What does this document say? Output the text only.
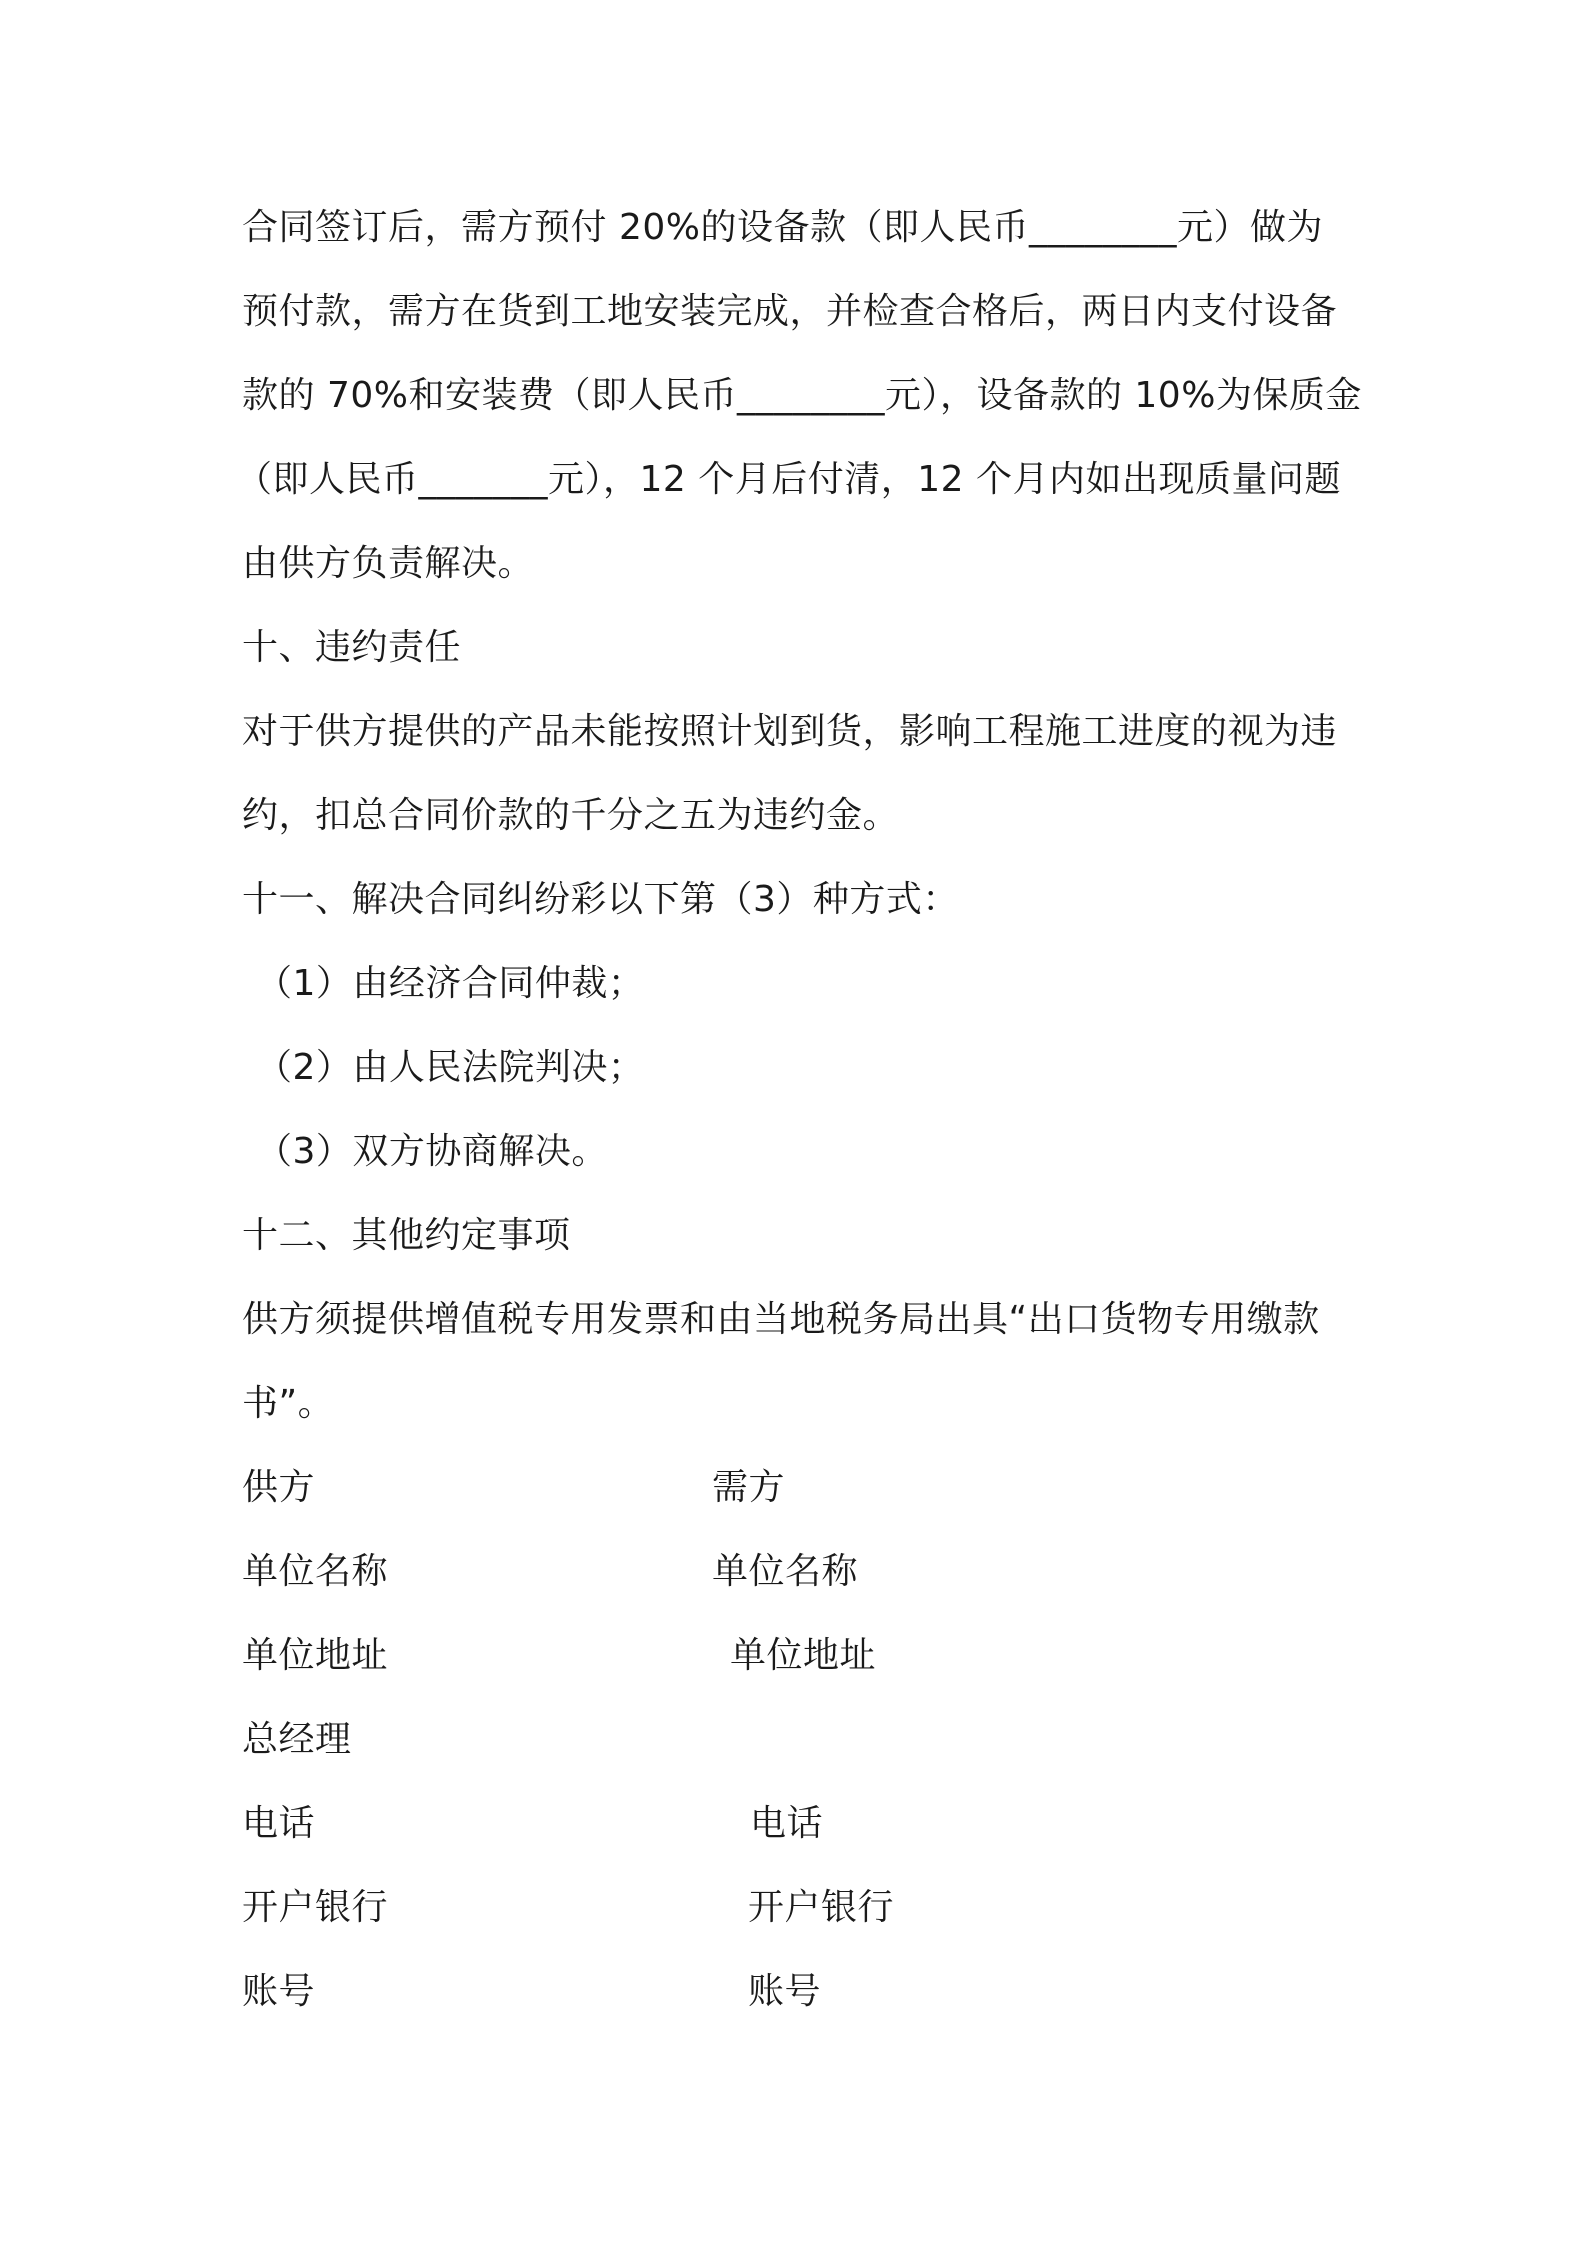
合同签订后，需方预付 20%的设备款（即人民币________元）做为
预付款，需方在货到工地安装完成，并检查合格后，两日内支付设备
款的 70%和安装费（即人民币________元），设备款的 10%为保质金
（即人民币_______元），12 个月后付清，12 个月内如出现质量问题
由供方负责解决。
十、违约责任
对于供方提供的产品未能按照计划到货，影响工程施工进度的视为违
约，扣总合同价款的千分之五为违约金。
十一、解决合同纠纷彩以下第（3）种方式：
（1）由经济合同仲裁；
（2）由人民法院判决；
（3）双方协商解决。
十二、其他约定事项
供方须提供增值税专用发票和由当地税务局出具“出口货物专用缴款
书”。
供方
单位名称
单位地址
总经理
电话
开户银行
账号
需方
单位名称
单位地址
电话
开户银行
账号
